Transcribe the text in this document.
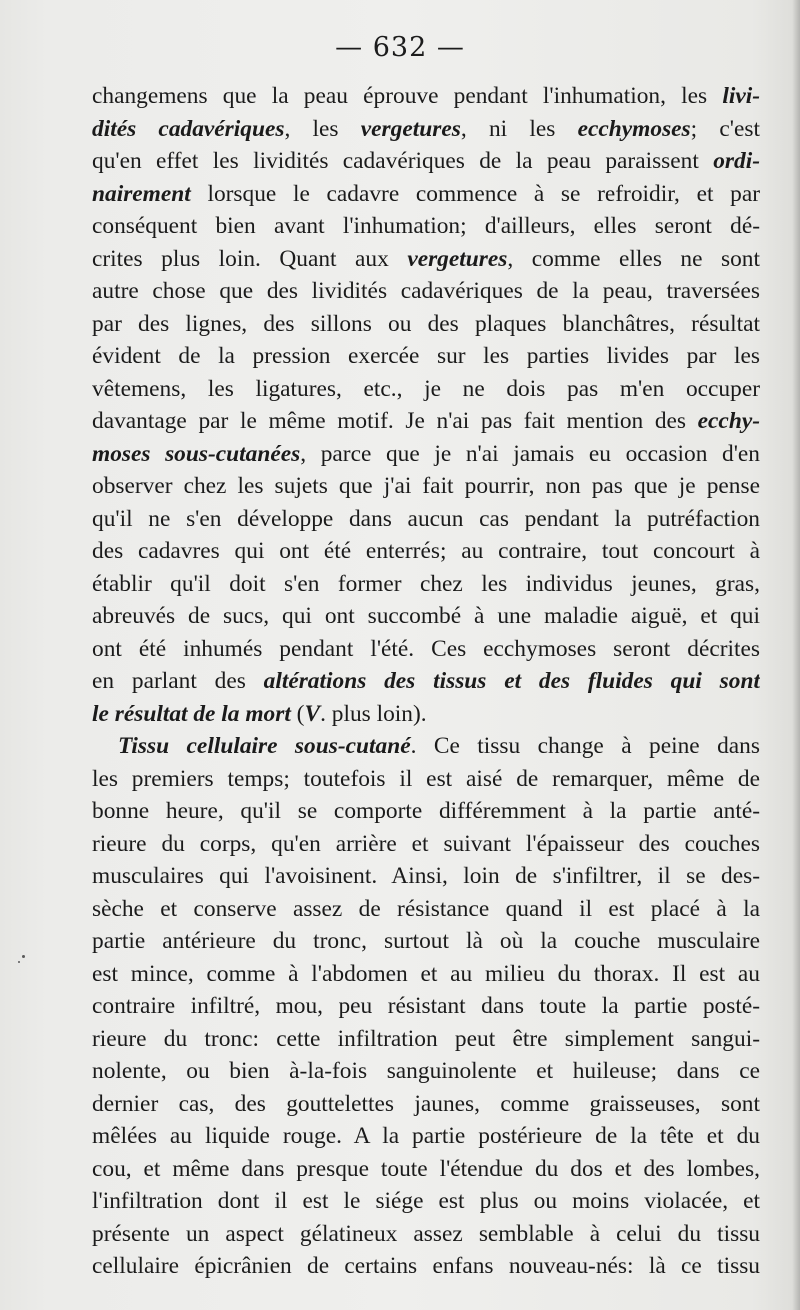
— 632 —
changemens que la peau éprouve pendant l'inhumation, les livi-
dités cadavériques, les vergetures, ni les ecchymoses; c'est
qu'en effet les lividités cadavériques de la peau paraissent ordi-
nairement lorsque le cadavre commence à se refroidir, et par
conséquent bien avant l'inhumation; d'ailleurs, elles seront dé-
crites plus loin. Quant aux vergetures, comme elles ne sont
autre chose que des lividités cadavériques de la peau, traversées
par des lignes, des sillons ou des plaques blanchâtres, résultat
évident de la pression exercée sur les parties livides par les
vêtemens, les ligatures, etc., je ne dois pas m'en occuper
davantage par le même motif. Je n'ai pas fait mention des ecchy-
moses sous-cutanées, parce que je n'ai jamais eu occasion d'en
observer chez les sujets que j'ai fait pourrir, non pas que je pense
qu'il ne s'en développe dans aucun cas pendant la putréfaction
des cadavres qui ont été enterrés; au contraire, tout concourt à
établir qu'il doit s'en former chez les individus jeunes, gras,
abreuvés de sucs, qui ont succombé à une maladie aiguë, et qui
ont été inhumés pendant l'été. Ces ecchymoses seront décrites
en parlant des altérations des tissus et des fluides qui sont
le résultat de la mort (V. plus loin).
Tissu cellulaire sous-cutané. Ce tissu change à peine dans
les premiers temps; toutefois il est aisé de remarquer, même de
bonne heure, qu'il se comporte différemment à la partie anté-
rieure du corps, qu'en arrière et suivant l'épaisseur des couches
musculaires qui l'avoisinent. Ainsi, loin de s'infiltrer, il se des-
sèche et conserve assez de résistance quand il est placé à la
partie antérieure du tronc, surtout là où la couche musculaire
est mince, comme à l'abdomen et au milieu du thorax. Il est au
contraire infiltré, mou, peu résistant dans toute la partie posté-
rieure du tronc: cette infiltration peut être simplement sangui-
nolente, ou bien à-la-fois sanguinolente et huileuse; dans ce
dernier cas, des gouttelettes jaunes, comme graisseuses, sont
mêlées au liquide rouge. A la partie postérieure de la tête et du
cou, et même dans presque toute l'étendue du dos et des lombes,
l'infiltration dont il est le siége est plus ou moins violacée, et
présente un aspect gélatineux assez semblable à celui du tissu
cellulaire épicrânien de certains enfans nouveau-nés: là ce tissu
